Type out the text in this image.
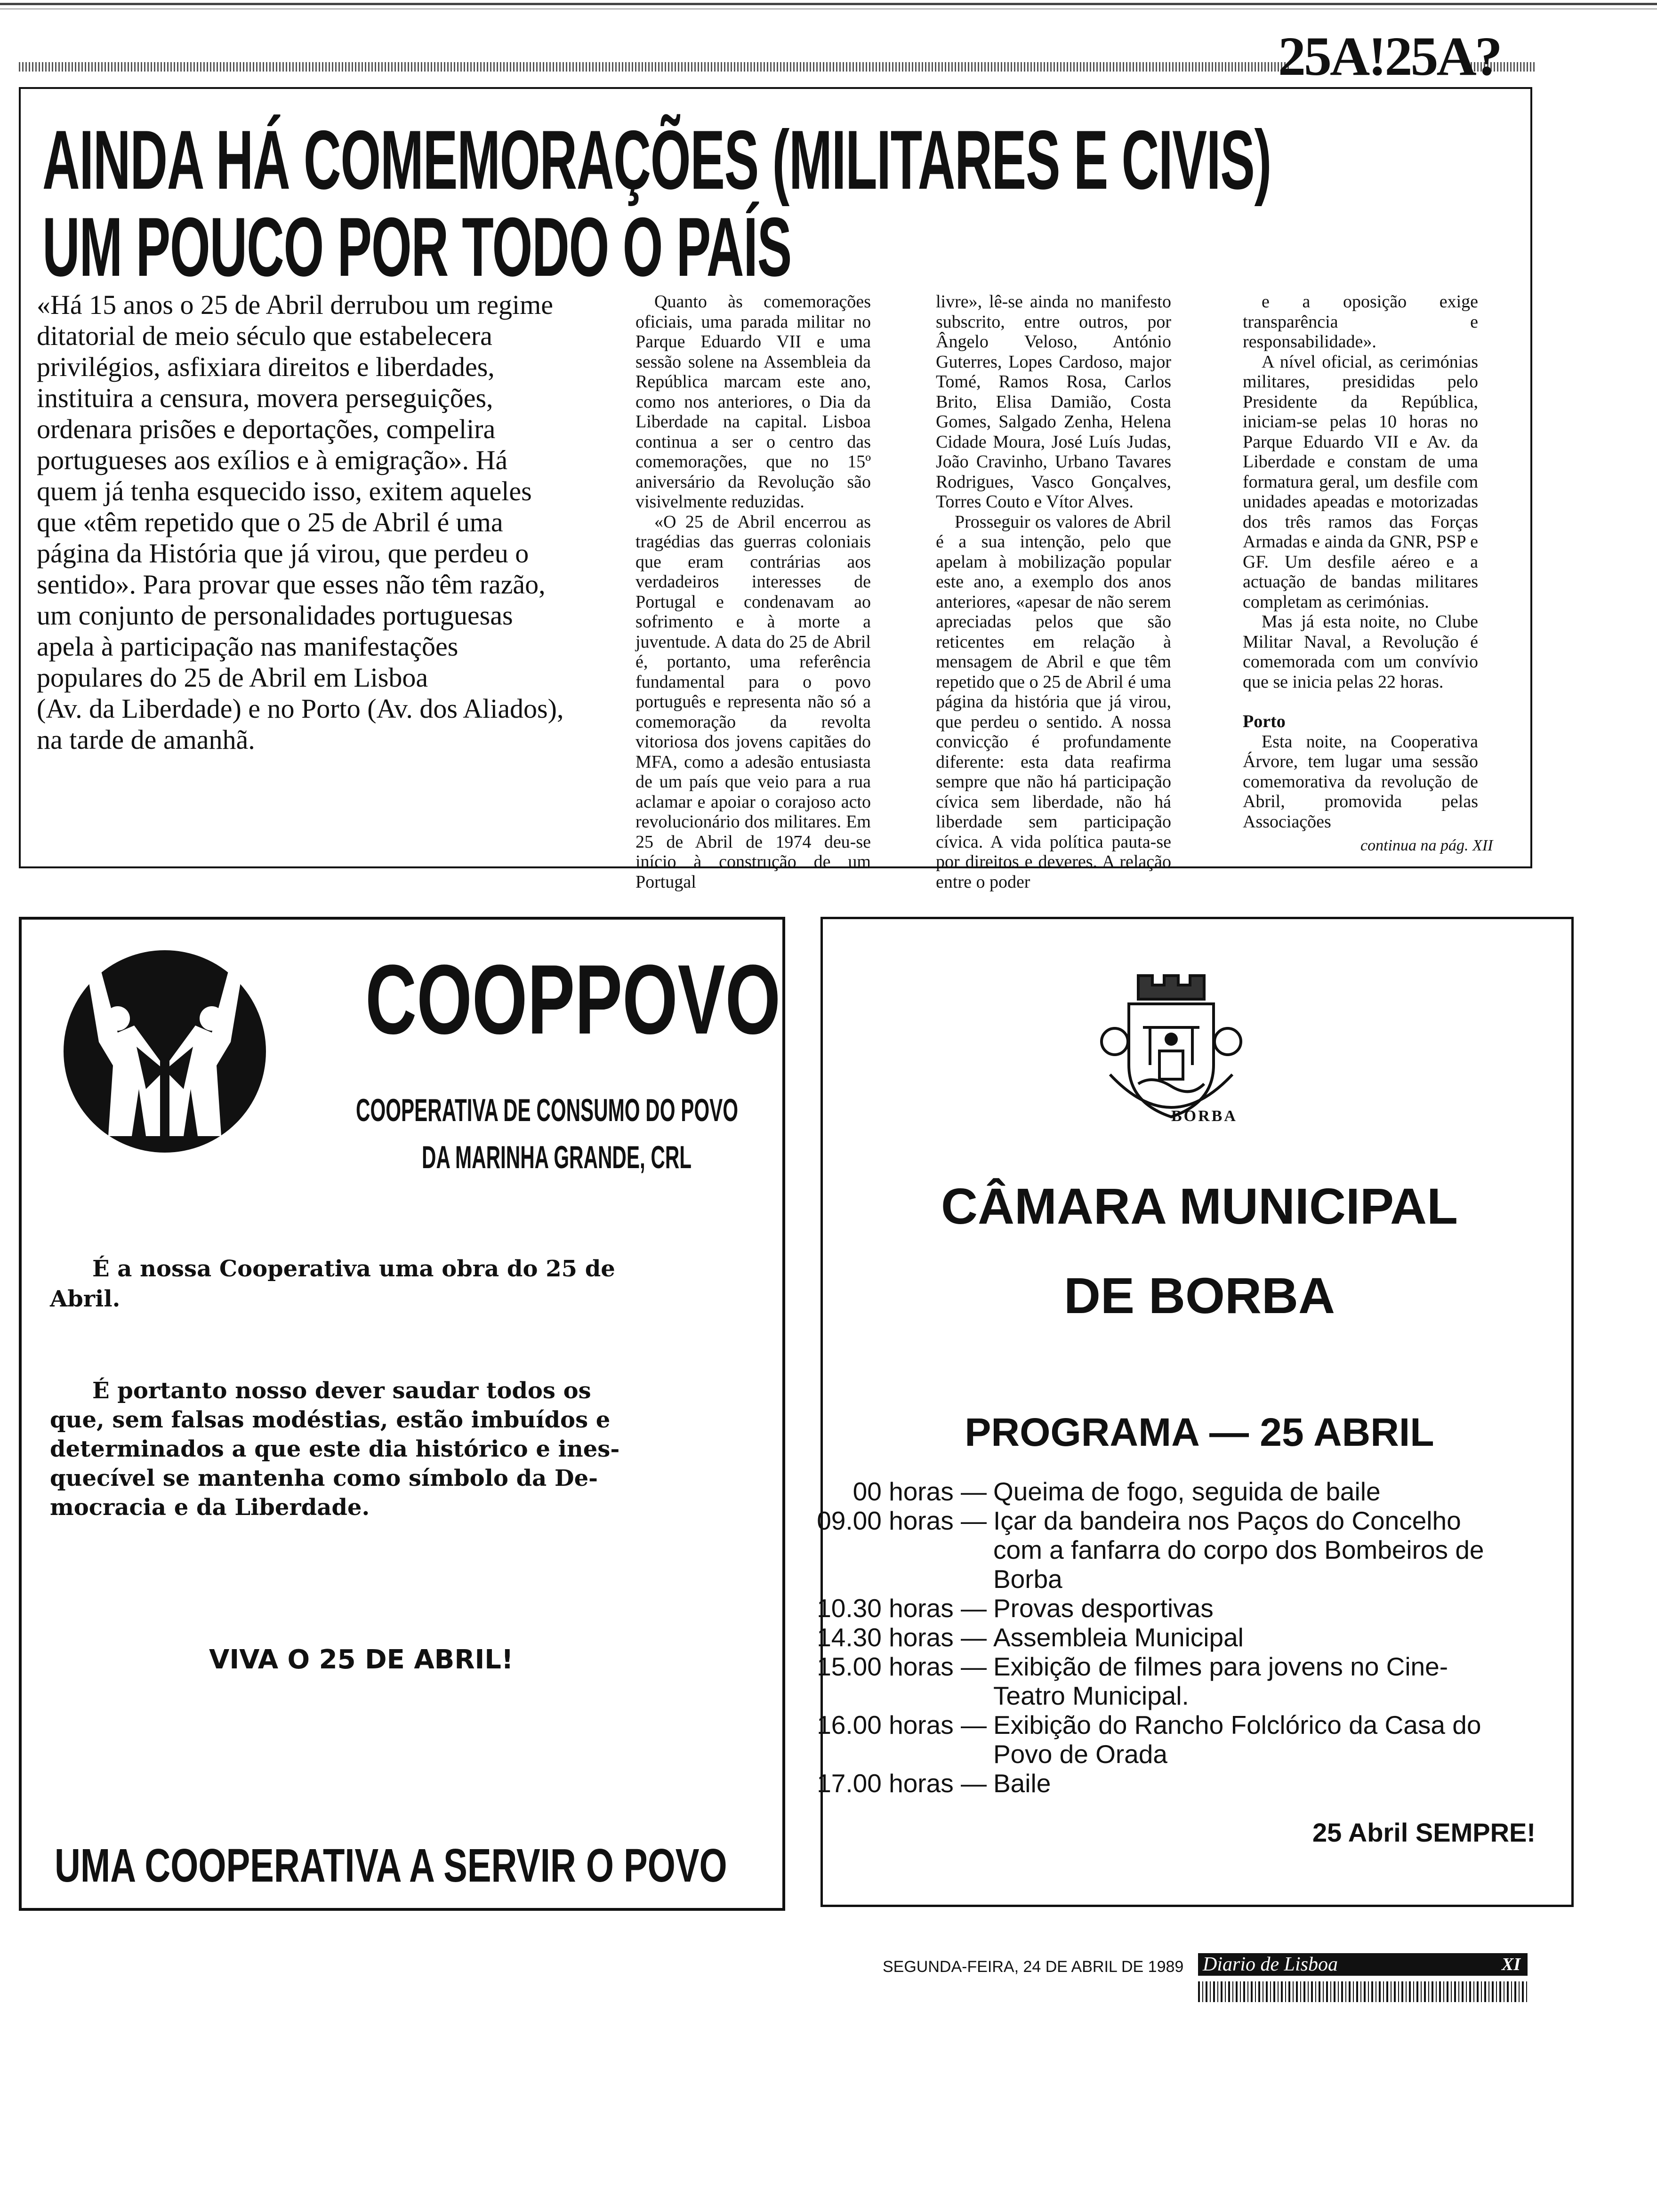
25A!25A?
AINDA HÁ COMEMORAÇÕES (MILITARES E CIVIS)
UM POUCO POR TODO O PAÍS
«Há 15 anos o 25 de Abril derrubou um regime
ditatorial de meio século que estabelecera
privilégios, asfixiara direitos e liberdades,
instituira a censura, movera perseguições,
ordenara prisões e deportações, compelira
portugueses aos exílios e à emigração». Há
quem já tenha esquecido isso, exitem aqueles
que «têm repetido que o 25 de Abril é uma
página da História que já virou, que perdeu o
sentido». Para provar que esses não têm razão,
um conjunto de personalidades portuguesas
apela à participação nas manifestações
populares do 25 de Abril em Lisboa
(Av. da Liberdade) e no Porto (Av. dos Aliados),
na tarde de amanhã.

Quanto às comemorações oficiais, uma parada militar no Parque Eduardo VII e uma sessão solene na Assembleia da República marcam este ano, como nos anteriores, o Dia da Liberdade na capital. Lisboa continua a ser o centro das comemorações, que no 15º aniversário da Revolução são visivelmente reduzidas.

«O 25 de Abril encerrou as tragédias das guerras coloniais que eram contrárias aos verdadeiros interesses de Portugal e condenavam ao sofrimento e à morte a juventude. A data do 25 de Abril é, portanto, uma referência fundamental para o povo português e representa não só a comemoração da revolta vitoriosa dos jovens capitães do MFA, como a adesão entusiasta de um país que veio para a rua aclamar e apoiar o corajoso acto revolucionário dos militares. Em 25 de Abril de 1974 deu-se início à construção de um Portugal

livre», lê-se ainda no manifesto subscrito, entre outros, por Ângelo Veloso, António Guterres, Lopes Cardoso, major Tomé, Ramos Rosa, Carlos Brito, Elisa Damião, Costa Gomes, Salgado Zenha, Helena Cidade Moura, José Luís Judas, João Cravinho, Urbano Tavares Rodrigues, Vasco Gonçalves, Torres Couto e Vítor Alves.

Prosseguir os valores de Abril é a sua intenção, pelo que apelam à mobilização popular este ano, a exemplo dos anos anteriores, «apesar de não serem apreciadas pelos que são reticentes em relação à mensagem de Abril e que têm repetido que o 25 de Abril é uma página da história que já virou, que perdeu o sentido. A nossa convicção é profundamente diferente: esta data reafirma sempre que não há participação cívica sem liberdade, não há liberdade sem participação cívica. A vida política pauta-se por direitos e deveres. A relação entre o poder

e a oposição exige transparência e responsabilidade».

A nível oficial, as cerimónias militares, presididas pelo Presidente da República, iniciam-se pelas 10 horas no Parque Eduardo VII e Av. da Liberdade e constam de uma formatura geral, um desfile com unidades apeadas e motorizadas dos três ramos das Forças Armadas e ainda da GNR, PSP e GF. Um desfile aéreo e a actuação de bandas militares completam as cerimónias.

Mas já esta noite, no Clube Militar Naval, a Revolução é comemorada com um convívio que se inicia pelas 22 horas.

Porto

Esta noite, na Cooperativa Árvore, tem lugar uma sessão comemorativa da revolução de Abril, promovida pelas Associações

continua na pág. XII
COOPPOVO
COOPERATIVA DE CONSUMO DO POVO
DA MARINHA GRANDE, CRL
É a nossa Cooperativa uma obra do 25 de
Abril.
É portanto nosso dever saudar todos os
que, sem falsas modéstias, estão imbuídos e
determinados a que este dia histórico e ines-
quecível se mantenha como símbolo da De-
mocracia e da Liberdade.
VIVA O 25 DE ABRIL!
UMA COOPERATIVA A SERVIR O POVO
BORBA
CÂMARA MUNICIPAL
DE BORBA
PROGRAMA — 25 ABRIL
00 horas — Queima de fogo, seguida de baile
09.00 horas — Içar da bandeira nos Paços do Concelho
com a fanfarra do corpo dos Bombeiros de
Borba
10.30 horas — Provas desportivas
14.30 horas — Assembleia Municipal
15.00 horas — Exibição de filmes para jovens no Cine-
Teatro Municipal.
16.00 horas — Exibição do Rancho Folclórico da Casa do
Povo de Orada
17.00 horas — Baile
25 Abril SEMPRE!
SEGUNDA-FEIRA, 24 DE ABRIL DE 1989 Diario de Lisboa	XI
